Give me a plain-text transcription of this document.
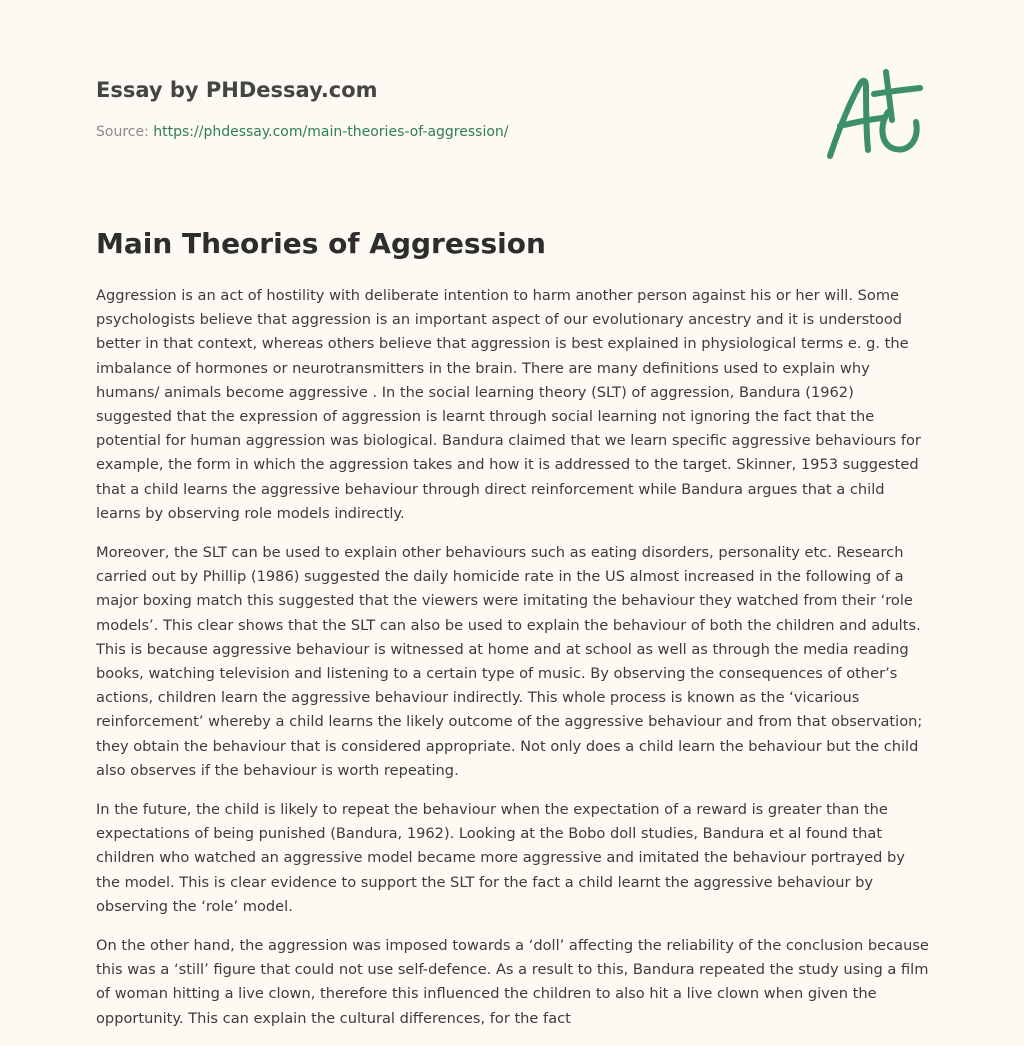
Essay by PHDessay.com
Source: https://phdessay.com/main-theories-of-aggression/
Main Theories of Aggression

Aggression is an act of hostility with deliberate intention to harm another person against his or her will. Some psychologists believe that aggression is an important aspect of our evolutionary ancestry and it is understood better in that context, whereas others believe that aggression is best explained in physiological terms e. g. the imbalance of hormones or neurotransmitters in the brain. There are many definitions used to explain why humans/ animals become aggressive . In the social learning theory (SLT) of aggression, Bandura (1962) suggested that the expression of aggression is learnt through social learning not ignoring the fact that the potential for human aggression was biological. Bandura claimed that we learn specific aggressive behaviours for example, the form in which the aggression takes and how it is addressed to the target. Skinner, 1953 suggested that a child learns the aggressive behaviour through direct reinforcement while Bandura argues that a child learns by observing role models indirectly.

Moreover, the SLT can be used to explain other behaviours such as eating disorders, personality etc. Research carried out by Phillip (1986) suggested the daily homicide rate in the US almost increased in the following of a major boxing match this suggested that the viewers were imitating the behaviour they watched from their ‘role models’. This clear shows that the SLT can also be used to explain the behaviour of both the children and adults. This is because aggressive behaviour is witnessed at home and at school as well as through the media reading books, watching television and listening to a certain type of music. By observing the consequences of other’s actions, children learn the aggressive behaviour indirectly. This whole process is known as the ‘vicarious reinforcement’ whereby a child learns the likely outcome of the aggressive behaviour and from that observation; they obtain the behaviour that is considered appropriate. Not only does a child learn the behaviour but the child also observes if the behaviour is worth repeating.

In the future, the child is likely to repeat the behaviour when the expectation of a reward is greater than the expectations of being punished (Bandura, 1962). Looking at the Bobo doll studies, Bandura et al found that children who watched an aggressive model became more aggressive and imitated the behaviour portrayed by the model. This is clear evidence to support the SLT for the fact a child learnt the aggressive behaviour by observing the ‘role’ model.

On the other hand, the aggression was imposed towards a ‘doll’ affecting the reliability of the conclusion because this was a ‘still’ figure that could not use self-defence. As a result to this, Bandura repeated the study using a film of woman hitting a live clown, therefore this influenced the children to also hit a live clown when given the opportunity. This can explain the cultural differences, for the fact
